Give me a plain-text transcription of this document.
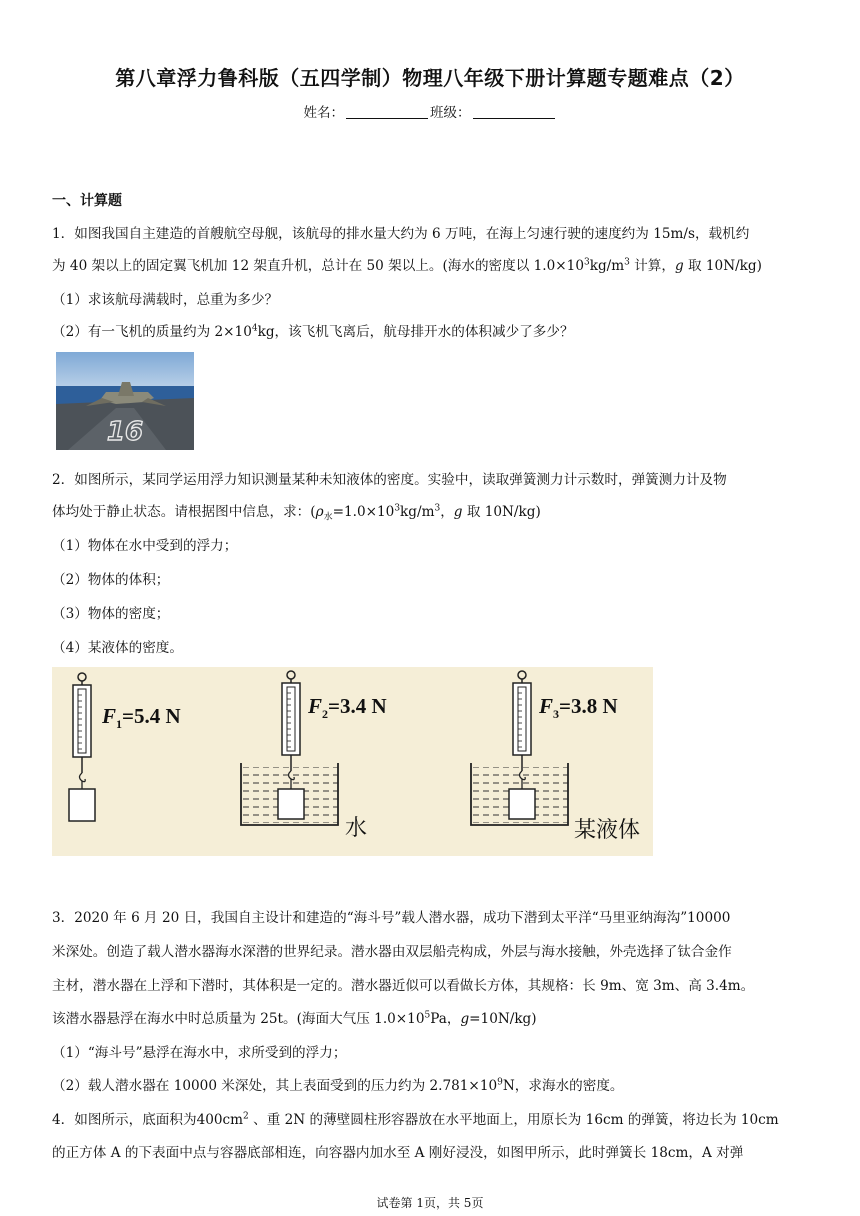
第八章浮力鲁科版（五四学制）物理八年级下册计算题专题难点（2）
姓名：	班级：
一、计算题
1．如图我国自主建造的首艘航空母舰，该航母的排水量大约为 6 万吨，在海上匀速行驶的速度约为 15m/s，载机约
为 40 架以上的固定翼飞机加 12 架直升机，总计在 50 架以上。(海水的密度以 $1.0\times 10^3kg/m^3$ 计算，g 取 10N/kg)
（1）求该航母满载时，总重为多少？
（2）有一飞机的质量约为 $2\times 10^4kg$，该飞机飞离后，航母排开水的体积减少了多少？
16
2．如图所示，某同学运用浮力知识测量某种未知液体的密度。实验中，读取弹簧测力计示数时，弹簧测力计及物
体均处于静止状态。请根据图中信息，求：($\rho_水=1.0\times 10^3kg/m^3$，g 取 10N/kg)
（1）物体在水中受到的浮力；
（2）物体的体积；
（3）物体的密度；
（4）某液体的密度。
$F_1=5.4$ N	$F_2=3.4$ N
水
$F_3=3.8$ N
某液体
3．2020 年 6 月 20 日，我国自主设计和建造的“海斗号”载人潜水器，成功下潜到太平洋“马里亚纳海沟”10000
米深处。创造了载人潜水器海水深潜的世界纪录。潜水器由双层船壳构成，外层与海水接触，外壳选择了钛合金作
主材，潜水器在上浮和下潜时，其体积是一定的。潜水器近似可以看做长方体，其规格：长 9m、宽 3m、高 3.4m。
该潜水器悬浮在海水中时总质量为 25t。(海面大气压 $1.0\times 10^5Pa$，g=10N/kg)
（1）“海斗号”悬浮在海水中，求所受到的浮力；
（2）载人潜水器在 10000 米深处，其上表面受到的压力约为 $2.781\times 10^9N$，求海水的密度。
4．如图所示，底面积为$400cm^2$ 、重 2N 的薄壁圆柱形容器放在水平地面上，用原长为 16cm 的弹簧，将边长为 10cm
的正方体 A 的下表面中点与容器底部相连，向容器内加水至 A 刚好浸没，如图甲所示，此时弹簧长 18cm，A 对弹
试卷第 1页，共 5页
